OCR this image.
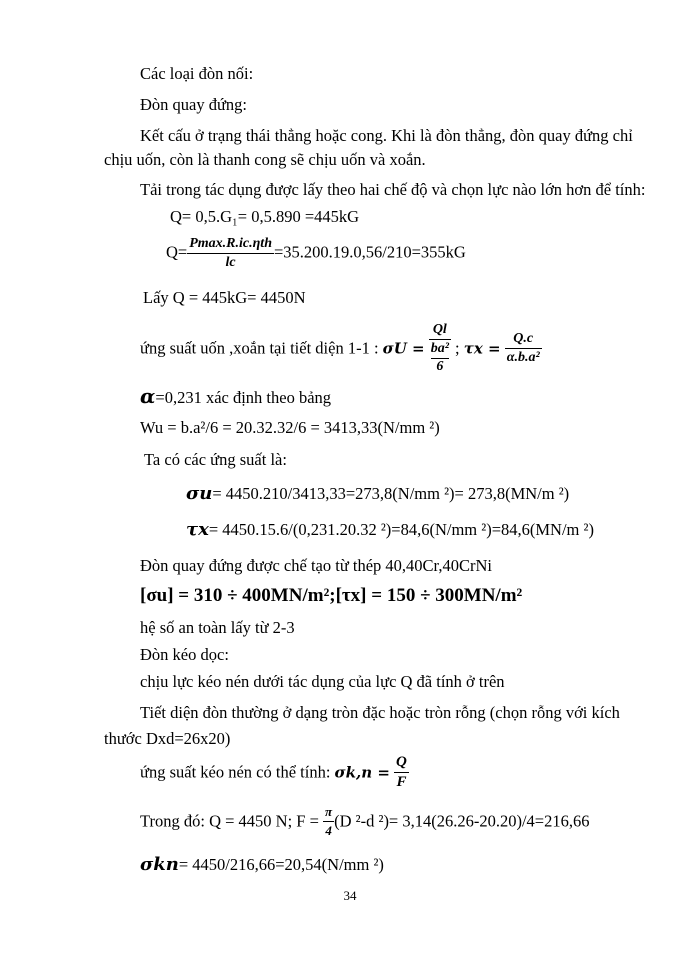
Các loại đòn nối:
Đòn quay đứng:
Kết cấu ở trạng thái thẳng hoặc cong. Khi là đòn thẳng, đòn quay đứng chỉ
chịu uốn, còn là thanh cong sẽ chịu uốn và xoắn.
Tải trong tác dụng được lấy theo hai chế độ và chọn lực nào lớn hơn để tính:
Q= 0,5.G₁= 0,5.890 =445kG
$Q= \frac{\text{Pmax.R.ic.ηth}}{lc} =35.200.19.0,56/210=355kG$
Lấy Q = 445kG= 4450N
ứng suất uốn ,xoắn tại tiết diện 1-1 : σU = Ql
ba²
6 ; $\tau x = \frac{Q.c}{\text{α.b.a²}}$
α=0,231 xác định theo bảng
Wu = b.a²/6 = 20.32.32/6 = 3413,33(N/mm ²)
Ta có các ứng suất là:
σu= 4450.210/3413,33=273,8(N/mm ²)= 273,8(MN/m ²)
τx= 4450.15.6/(0,231.20.32 ²)=84,6(N/mm ²)=84,6(MN/m ²)
Đòn quay đứng được chế tạo từ thép 40,40Cr,40CrNi
[σu] = 310 ÷ 400MN/m²;[τx] = 150 ÷ 300MN/m²
hệ số an toàn lấy từ 2-3
Đòn kéo dọc:
chịu lực kéo nén dưới tác dụng của lực Q đã tính ở trên
Tiết diện đòn thường ở dạng tròn đặc hoặc tròn rỗng (chọn rỗng với kích
thước Dxd=26x20)
ứng suất kéo nén có thể tính: $\sigma k,n = \frac{Q}{F}$
Trong đó: Q = 4450 N; $F = \frac{\pi}{4} (D$ ²-d ²)= 3,14(26.26-20.20)/4=216,66
σkn= 4450/216,66=20,54(N/mm ²)
34
